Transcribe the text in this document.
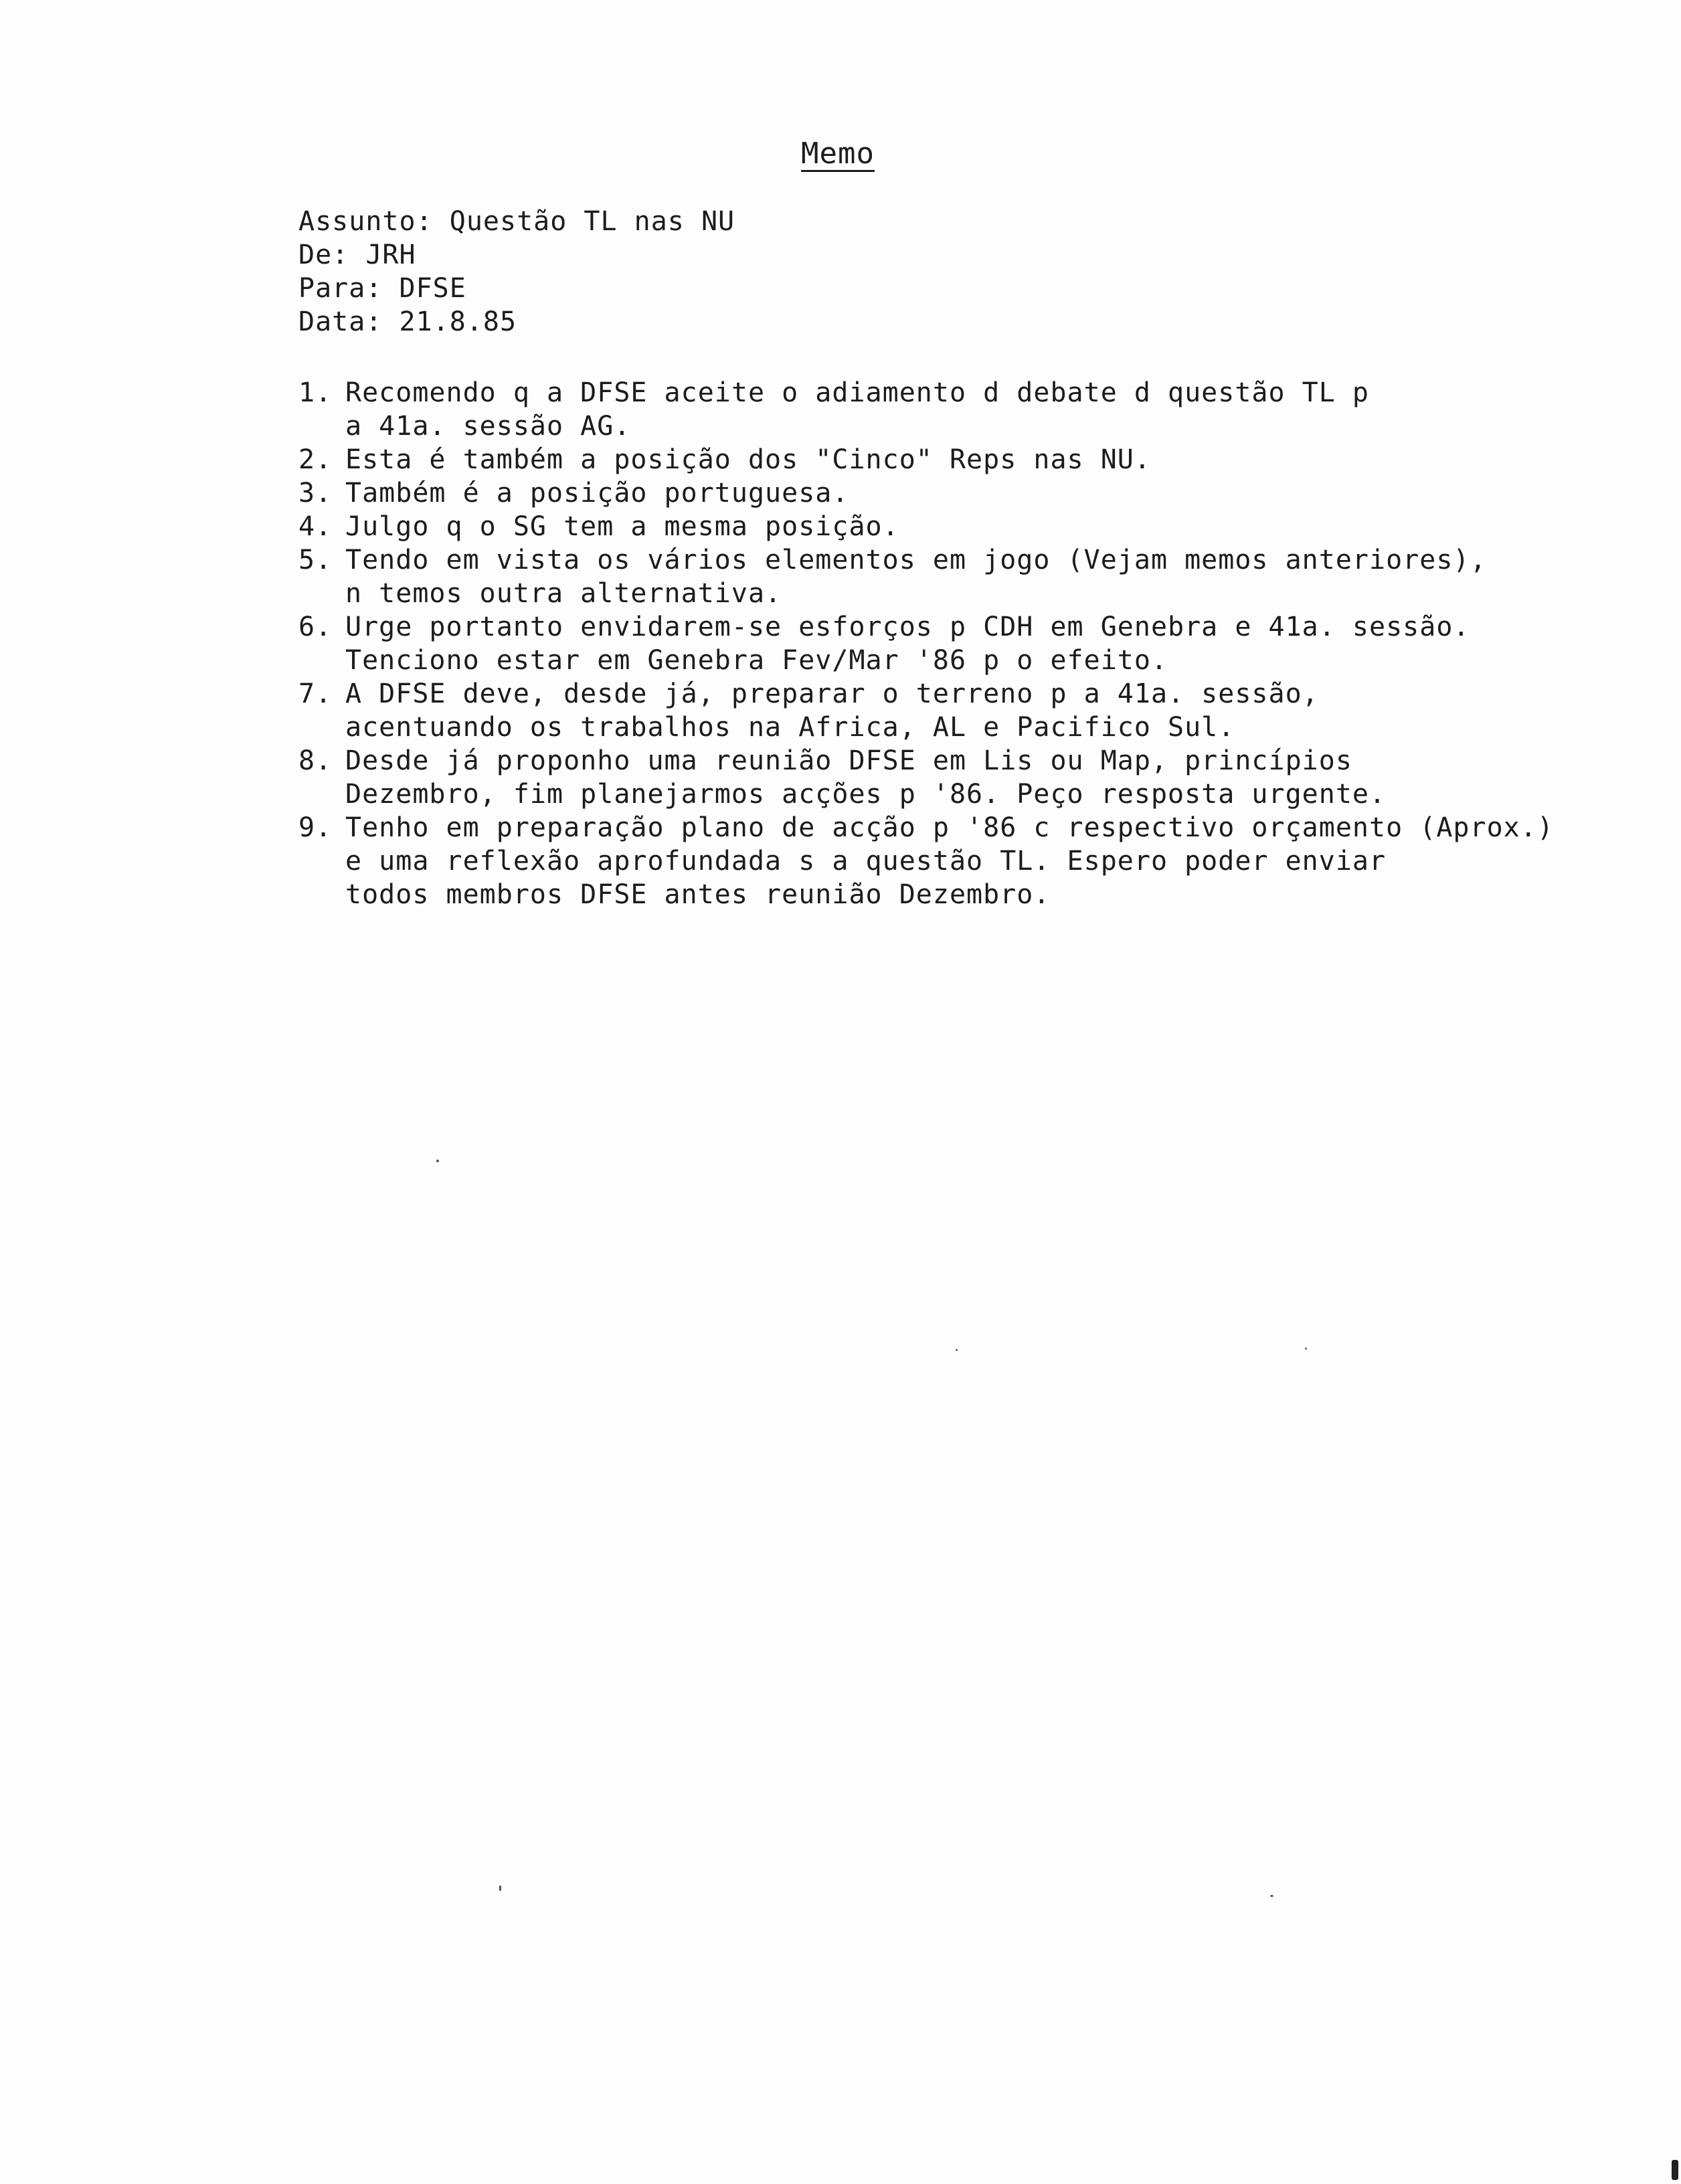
Memo
Assunto: Questão TL nas NU
De: JRH
Para: DFSE
Data: 21.8.85
1. Recomendo q a DFSE aceite o adiamento d debate d questão TL p
a 41a. sessão AG.
2. Esta é também a posição dos "Cinco" Reps nas NU.
3. Também é a posição portuguesa.
4. Julgo q o SG tem a mesma posição.
5. Tendo em vista os vários elementos em jogo (Vejam memos anteriores),
n temos outra alternativa.
6. Urge portanto envidarem-se esforços p CDH em Genebra e 41a. sessão.
Tenciono estar em Genebra Fev/Mar '86 p o efeito.
7. A DFSE deve, desde já, preparar o terreno p a 41a. sessão,
acentuando os trabalhos na Africa, AL e Pacifico Sul.
8. Desde já proponho uma reunião DFSE em Lis ou Map, princípios
Dezembro, fim planejarmos acções p '86. Peço resposta urgente.
9. Tenho em preparação plano de acção p '86 c respectivo orçamento (Aprox.)
e uma reflexão aprofundada s a questão TL. Espero poder enviar
todos membros DFSE antes reunião Dezembro.
